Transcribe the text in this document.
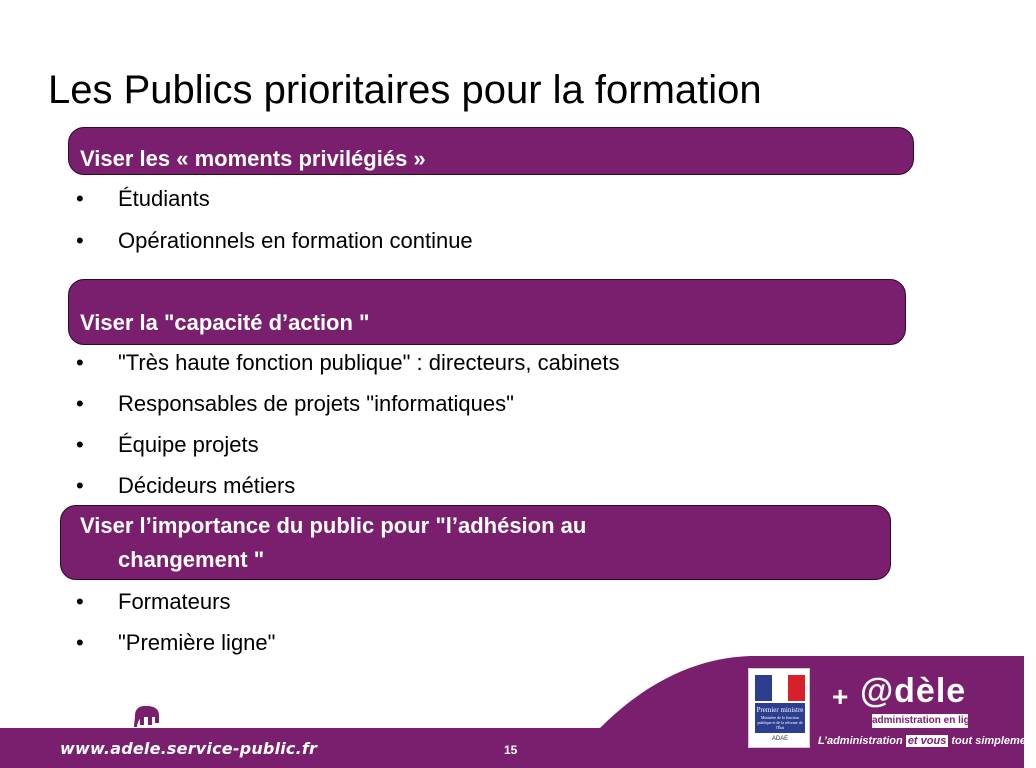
Les Publics prioritaires pour la formation
Viser les « moments privilégiés »
• Étudiants
• Opérationnels en formation continue
Viser la "capacité d’action "
• "Très haute fonction publique" : directeurs, cabinets
• Responsables de projets "informatiques"
• Équipe projets
• Décideurs métiers
Viser l’importance du public pour "l’adhésion au
changement "
• Formateurs
• "Première ligne"
www.adele.service-public.fr	15
Premier ministre
Ministère de la fonction publique et de la réforme de l'État
ADAE
+ @dèle
administration en ligne
L’administration et vous tout simplement
